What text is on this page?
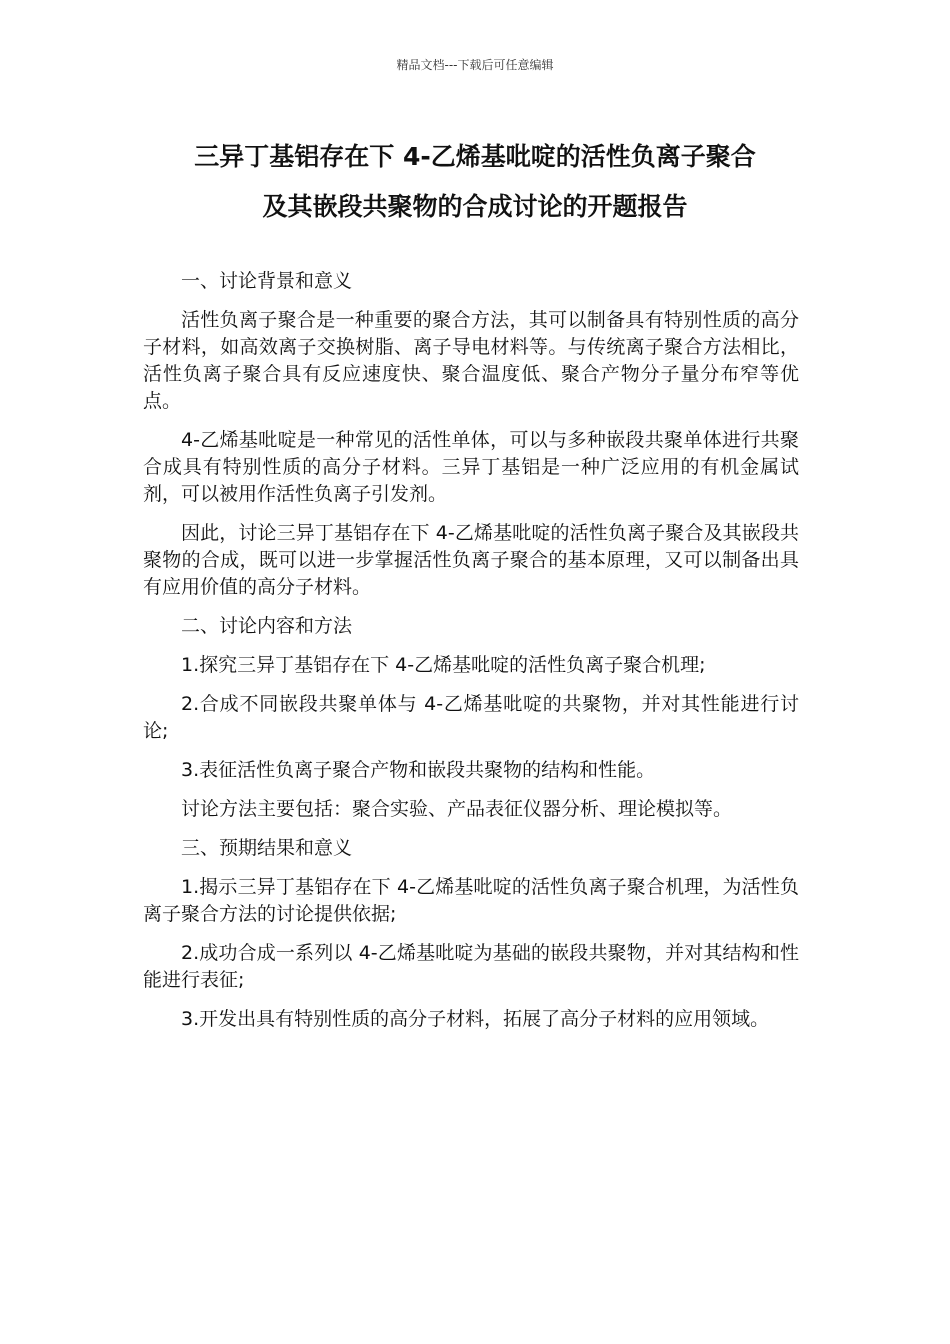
精品文档---下载后可任意编辑
三异丁基铝存在下 4-乙烯基吡啶的活性负离子聚合
及其嵌段共聚物的合成讨论的开题报告

一、讨论背景和意义

活性负离子聚合是一种重要的聚合方法，其可以制备具有特别性质的高分子材料，如高效离子交换树脂、离子导电材料等。与传统离子聚合方法相比，活性负离子聚合具有反应速度快、聚合温度低、聚合产物分子量分布窄等优点。

4-乙烯基吡啶是一种常见的活性单体，可以与多种嵌段共聚单体进行共聚合成具有特别性质的高分子材料。三异丁基铝是一种广泛应用的有机金属试剂，可以被用作活性负离子引发剂。

因此，讨论三异丁基铝存在下 4-乙烯基吡啶的活性负离子聚合及其嵌段共聚物的合成，既可以进一步掌握活性负离子聚合的基本原理，又可以制备出具有应用价值的高分子材料。

二、讨论内容和方法

1.探究三异丁基铝存在下 4-乙烯基吡啶的活性负离子聚合机理;

2.合成不同嵌段共聚单体与 4-乙烯基吡啶的共聚物，并对其性能进行讨论;

3.表征活性负离子聚合产物和嵌段共聚物的结构和性能。

讨论方法主要包括：聚合实验、产品表征仪器分析、理论模拟等。

三、预期结果和意义

1.揭示三异丁基铝存在下 4-乙烯基吡啶的活性负离子聚合机理，为活性负离子聚合方法的讨论提供依据;

2.成功合成一系列以 4-乙烯基吡啶为基础的嵌段共聚物，并对其结构和性能进行表征;

3.开发出具有特别性质的高分子材料，拓展了高分子材料的应用领域。
